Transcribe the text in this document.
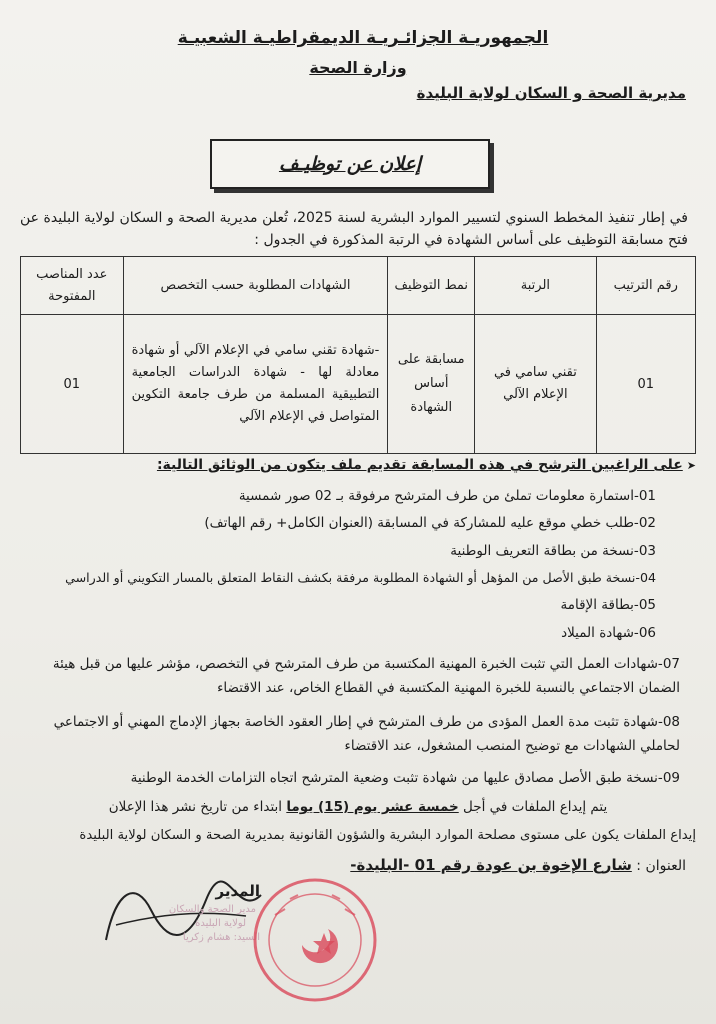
الجمهوريـة الجزائـريـة الديمقراطيـة الشعبيـة
وزارة الصحة
مديرية الصحة و السكان لولاية البليدة
إعلان عن توظيـف
في إطار تنفيذ المخطط السنوي لتسيير الموارد البشرية لسنة 2025، تُعلن مديرية الصحة و السكان لولاية البليدة عن فتح مسابقة التوظيف على أساس الشهادة في الرتبة المذكورة في الجدول :
رقم الترتيب	الرتبة	نمط التوظيف	الشهادات المطلوبة حسب التخصص	عدد المناصب المفتوحة
01	تقني سامي في الإعلام الآلي	مسابقة على أساس الشهادة	-شهادة تقني سامي في الإعلام الآلي أو شهادة معادلة لها - شهادة الدراسات الجامعية التطبيقية المسلمة من طرف جامعة التكوين المتواصل في الإعلام الآلي	01
➤على الراغبين الترشح في هذه المسابقة تقديم ملف يتكون من الوثائق التالية:
01-استمارة معلومات تملئ من طرف المترشح مرفوقة بـ 02 صور شمسية
02-طلب خطي موقع عليه للمشاركة في المسابقة (العنوان الكامل+ رقم الهاتف)
03-نسخة من بطاقة التعريف الوطنية
04-نسخة طبق الأصل من المؤهل أو الشهادة المطلوبة مرفقة بكشف النقاط المتعلق بالمسار التكويني أو الدراسي
05-بطاقة الإقامة
06-شهادة الميلاد
07-شهادات العمل التي تثبت الخبرة المهنية المكتسبة من طرف المترشح في التخصص، مؤشر عليها من قبل هيئة الضمان الاجتماعي بالنسبة للخبرة المهنية المكتسبة في القطاع الخاص، عند الاقتضاء
08-شهادة تثبت مدة العمل المؤدى من طرف المترشح في إطار العقود الخاصة بجهاز الإدماج المهني أو الاجتماعي لحاملي الشهادات مع توضيح المنصب المشغول، عند الاقتضاء
09-نسخة طبق الأصل مصادق عليها من شهادة تثبت وضعية المترشح اتجاه التزامات الخدمة الوطنية
يتم إيداع الملفات في أجل خمسة عشر يوم (15) يوما ابتداء من تاريخ نشر هذا الإعلان
إيداع الملفات يكون على مستوى مصلحة الموارد البشرية والشؤون القانونية بمديرية الصحة و السكان لولاية البليدة
العنوان : شارع الإخوة بن عودة رقم 01 -البليدة-
المدير
مدير الصحة والسكان
لولاية البليدة
السيد: هشام زكريا
